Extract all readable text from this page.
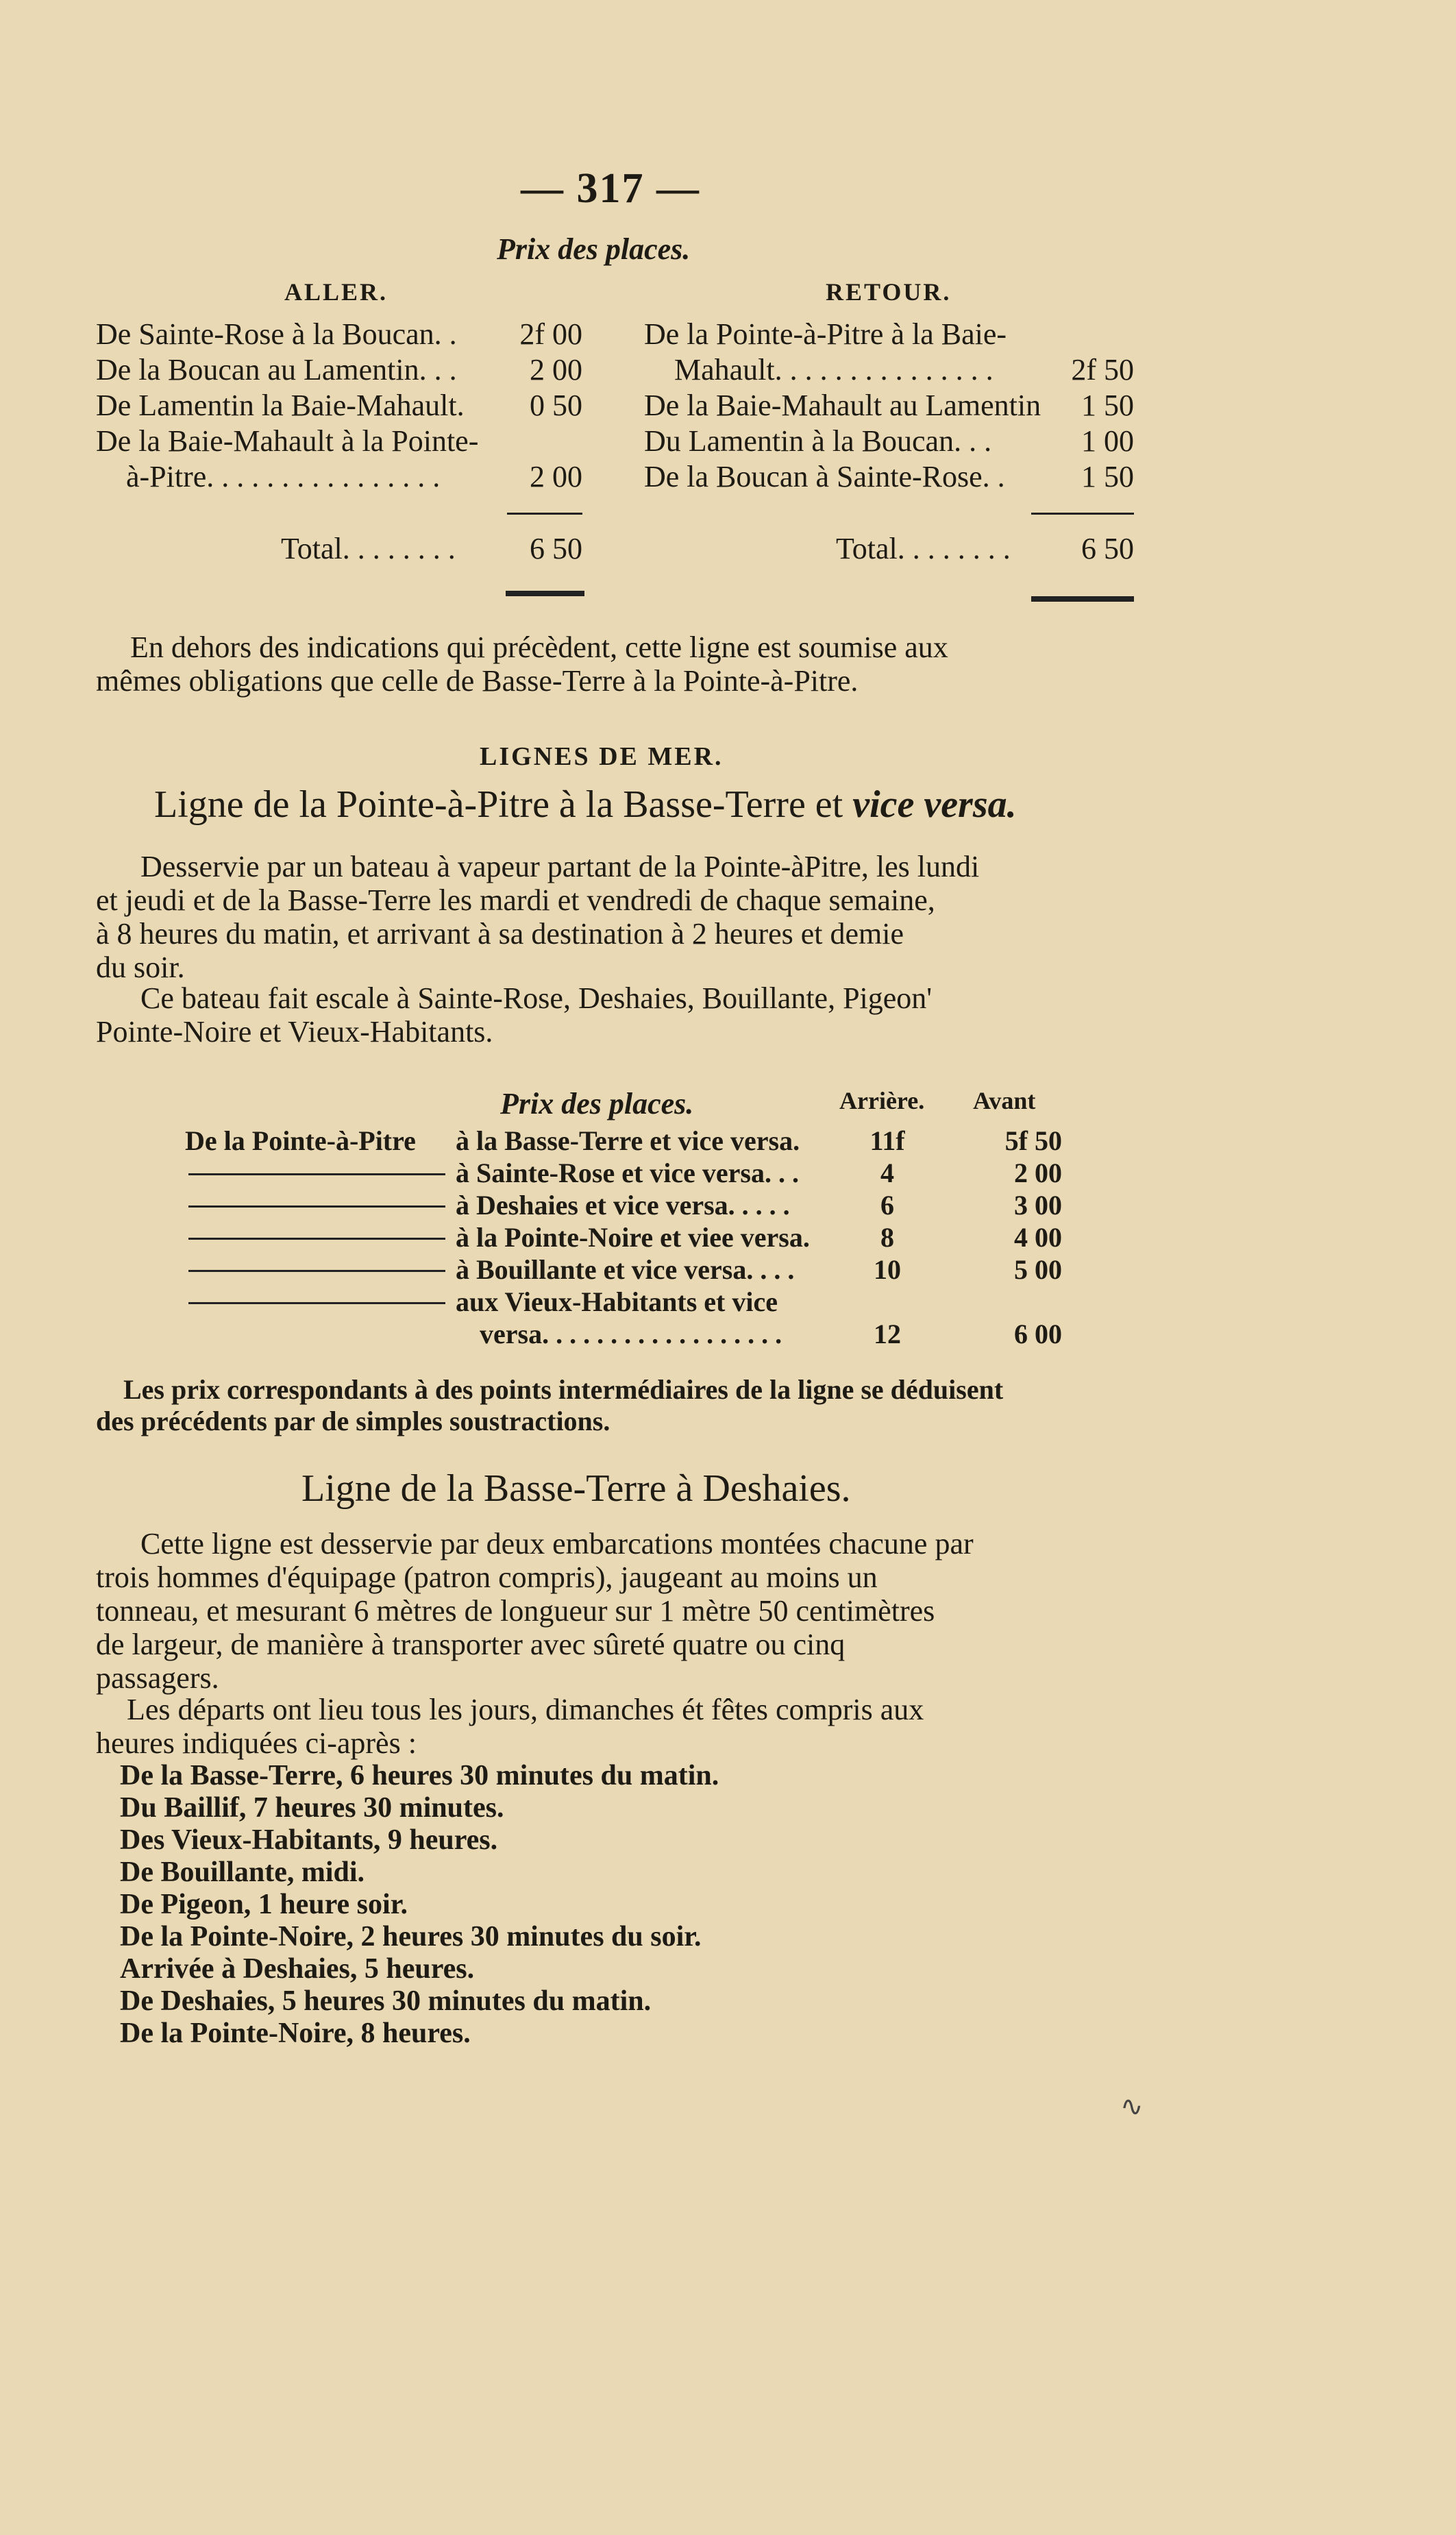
— 317 —
Prix des places.
ALLER.
De Sainte-Rose à la Boucan. . 2f 00
De la Boucan au Lamentin. . . 2 00
De Lamentin la Baie-Mahault. 0 50
De la Baie-Mahault à la Pointe-
à-Pitre. . . . . . . . . . . . . . . .	2 00
Total. . . . . . . . 6 50
RETOUR.
De la Pointe-à-Pitre à la Baie-
Mahault. . . . . . . . . . . . . . .	2f 50
De la Baie-Mahault au Lamentin 1 50
Du Lamentin à la Boucan. . .	1 00
De la Boucan à Sainte-Rose. .	1 50
Total. . . . . . . . 6 50
En dehors des indications qui précèdent, cette ligne est soumise aux
mêmes obligations que celle de Basse-Terre à la Pointe-à-Pitre.
LIGNES DE MER.
Ligne de la Pointe-à-Pitre à la Basse-Terre et vice versa.
Desservie par un bateau à vapeur partant de la Pointe-àPitre, les lundi
et jeudi et de la Basse-Terre les mardi et vendredi de chaque semaine,
à 8 heures du matin, et arrivant à sa destination à 2 heures et demie
du soir.
Ce bateau fait escale à Sainte-Rose, Deshaies, Bouillante, Pigeon'
Pointe-Noire et Vieux-Habitants.
Prix des places.	Arrière. Avant
De la Pointe-à-Pitre à la Basse-Terre et vice versa.	11f	5f 50
à Sainte-Rose et vice versa. . .	4	2 00
à Deshaies et vice versa. . . . .	6	3 00
à la Pointe-Noire et viee versa.	8	4 00
à Bouillante et vice versa. . . .	10	5 00
aux Vieux-Habitants et vice
versa. . . . . . . . . . . . . . . . . .	12	6 00
Les prix correspondants à des points intermédiaires de la ligne se déduisent
des précédents par de simples soustractions.
Ligne de la Basse-Terre à Deshaies.
Cette ligne est desservie par deux embarcations montées chacune par
trois hommes d'équipage (patron compris), jaugeant au moins un
tonneau, et mesurant 6 mètres de longueur sur 1 mètre 50 centimètres
de largeur, de manière à transporter avec sûreté quatre ou cinq
passagers.
Les départs ont lieu tous les jours, dimanches ét fêtes compris aux
heures indiquées ci-après :
De la Basse-Terre, 6 heures 30 minutes du matin.
Du Baillif, 7 heures 30 minutes.
Des Vieux-Habitants, 9 heures.
De Bouillante, midi.
De Pigeon, 1 heure soir.
De la Pointe-Noire, 2 heures 30 minutes du soir.
Arrivée à Deshaies, 5 heures.
De Deshaies, 5 heures 30 minutes du matin.
De la Pointe-Noire, 8 heures.
∿
